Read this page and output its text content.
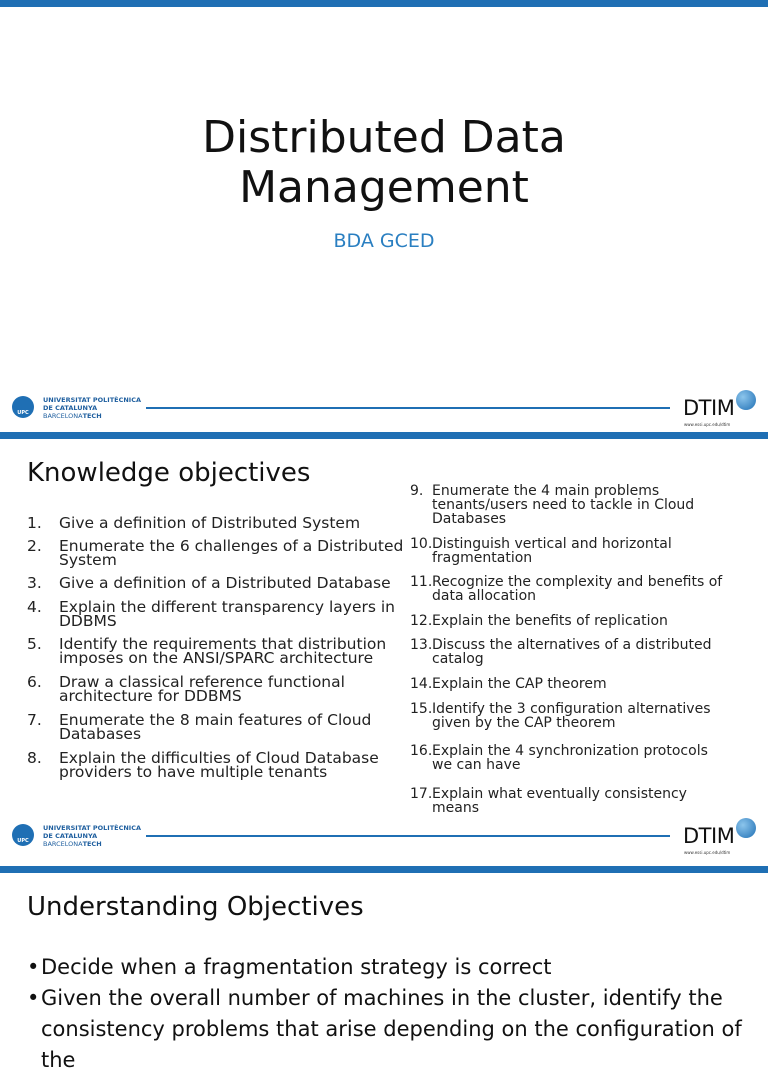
Distributed Data
Management
BDA GCED
UPC
UNIVERSITAT POLITÈCNICA
DE CATALUNYA
BARCELONATECH	DTIM
www.essi.upc.edu/dtim
Knowledge objectives
1. Give a definition of Distributed System
2. Enumerate the 6 challenges of a Distributed
System
3. Give a definition of a Distributed Database
4. Explain the different transparency layers in
DDBMS
5. Identify the requirements that distribution
imposes on the ANSI/SPARC architecture
6. Draw a classical reference functional
architecture for DDBMS
7. Enumerate the 8 main features of Cloud
Databases
8. Explain the difficulties of Cloud Database
providers to have multiple tenants
9. Enumerate the 4 main problems
tenants/users need to tackle in Cloud
Databases
10. Distinguish vertical and horizontal
fragmentation
11. Recognize the complexity and benefits of
data allocation
12. Explain the benefits of replication
13. Discuss the alternatives of a distributed
catalog
14. Explain the CAP theorem
15. Identify the 3 configuration alternatives
given by the CAP theorem
16. Explain the 4 synchronization protocols
we can have
17. Explain what eventually consistency
means
UPC
UNIVERSITAT POLITÈCNICA
DE CATALUNYA
BARCELONATECH	DTIM
www.essi.upc.edu/dtim
Understanding Objectives
• Decide when a fragmentation strategy is correct
• Given the overall number of machines in the cluster, identify the
consistency problems that arise depending on the configuration of the
